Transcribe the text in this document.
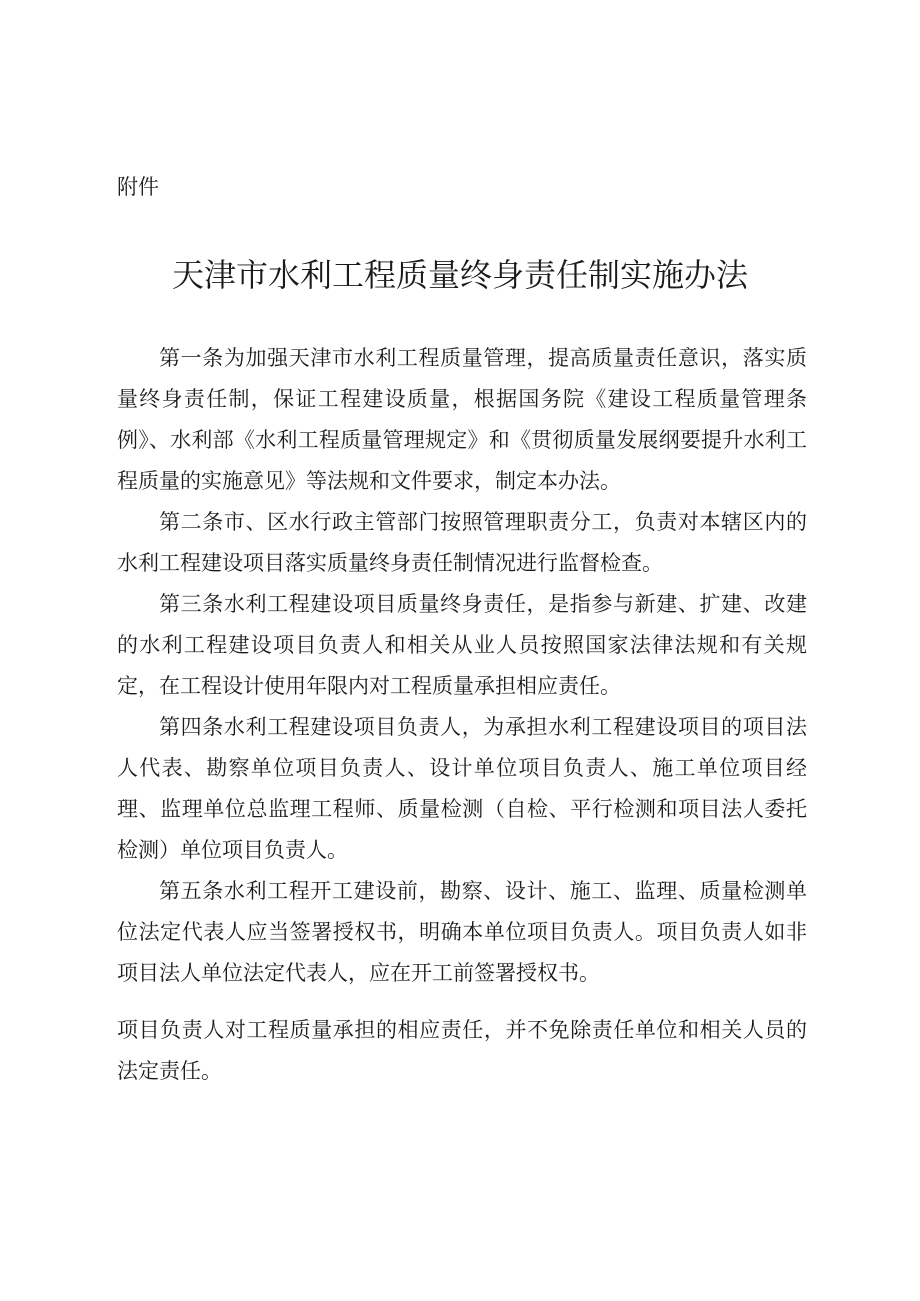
附件

天津市水利工程质量终身责任制实施办法

第一条为加强天津市水利工程质量管理，提高质量责任意识，落实质量终身责任制，保证工程建设质量，根据国务院《建设工程质量管理条例》、水利部《水利工程质量管理规定》和《贯彻质量发展纲要提升水利工程质量的实施意见》等法规和文件要求，制定本办法。

第二条市、区水行政主管部门按照管理职责分工，负责对本辖区内的水利工程建设项目落实质量终身责任制情况进行监督检查。

第三条水利工程建设项目质量终身责任，是指参与新建、扩建、改建的水利工程建设项目负责人和相关从业人员按照国家法律法规和有关规定，在工程设计使用年限内对工程质量承担相应责任。

第四条水利工程建设项目负责人，为承担水利工程建设项目的项目法人代表、勘察单位项目负责人、设计单位项目负责人、施工单位项目经理、监理单位总监理工程师、质量检测（自检、平行检测和项目法人委托检测）单位项目负责人。

第五条水利工程开工建设前，勘察、设计、施工、监理、质量检测单位法定代表人应当签署授权书，明确本单位项目负责人。项目负责人如非项目法人单位法定代表人，应在开工前签署授权书。

项目负责人对工程质量承担的相应责任，并不免除责任单位和相关人员的法定责任。
